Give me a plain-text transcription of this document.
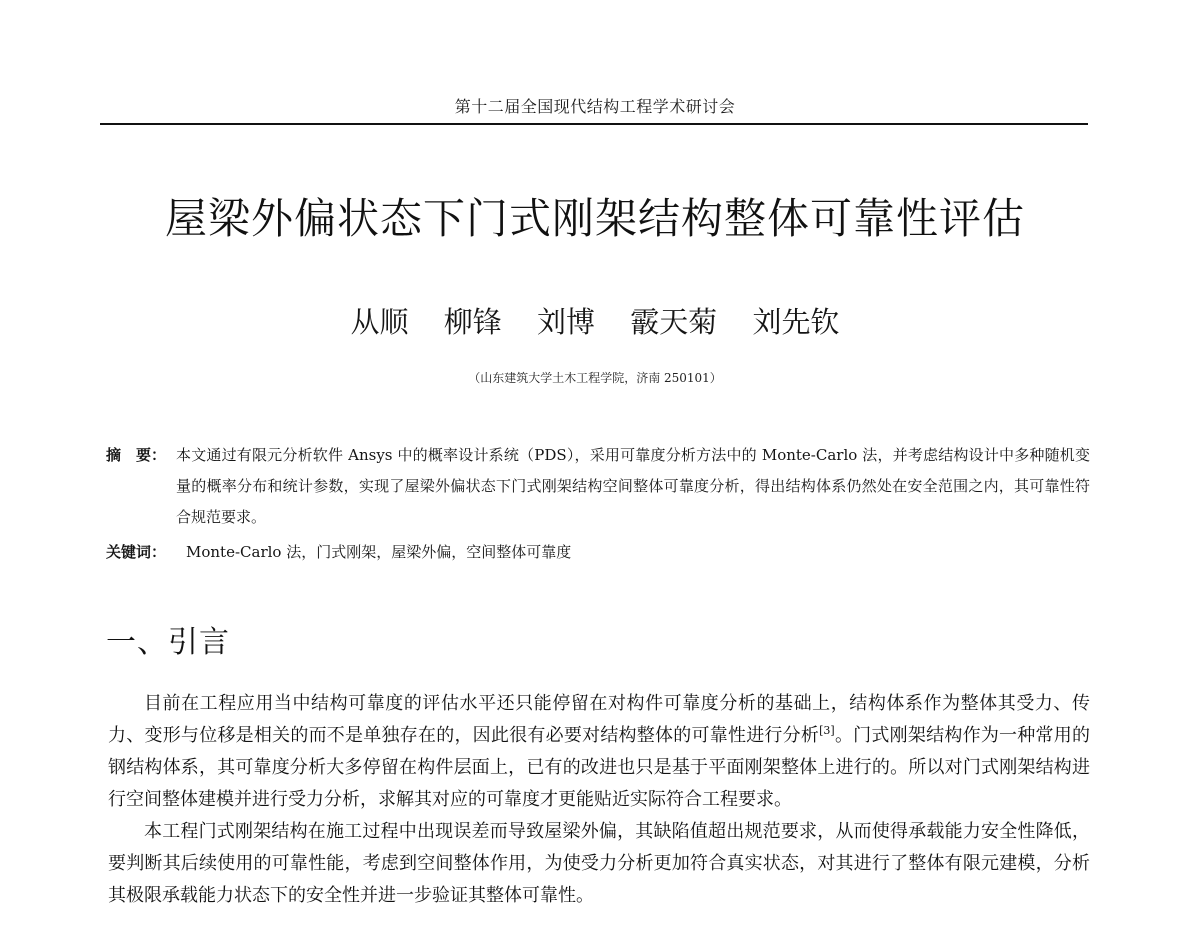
第十二届全国现代结构工程学术研讨会
屋梁外偏状态下门式刚架结构整体可靠性评估
从顺 柳锋 刘博 霰天菊 刘先钦
（山东建筑大学土木工程学院，济南 250101）
摘　要： 本文通过有限元分析软件 Ansys 中的概率设计系统（PDS），采用可靠度分析方法中的 Monte-Carlo 法，并考虑结构设计中多种随机变量的概率分布和统计参数，实现了屋梁外偏状态下门式刚架结构空间整体可靠度分析，得出结构体系仍然处在安全范围之内，其可靠性符合规范要求。
关键词： Monte-Carlo 法，门式刚架，屋梁外偏，空间整体可靠度
一、引言

目前在工程应用当中结构可靠度的评估水平还只能停留在对构件可靠度分析的基础上，结构体系作为整体其受力、传力、变形与位移是相关的而不是单独存在的，因此很有必要对结构整体的可靠性进行分析[3]。门式刚架结构作为一种常用的钢结构体系，其可靠度分析大多停留在构件层面上，已有的改进也只是基于平面刚架整体上进行的。所以对门式刚架结构进行空间整体建模并进行受力分析，求解其对应的可靠度才更能贴近实际符合工程要求。

本工程门式刚架结构在施工过程中出现误差而导致屋梁外偏，其缺陷值超出规范要求，从而使得承载能力安全性降低，要判断其后续使用的可靠性能，考虑到空间整体作用，为使受力分析更加符合真实状态，对其进行了整体有限元建模，分析其极限承载能力状态下的安全性并进一步验证其整体可靠性。
